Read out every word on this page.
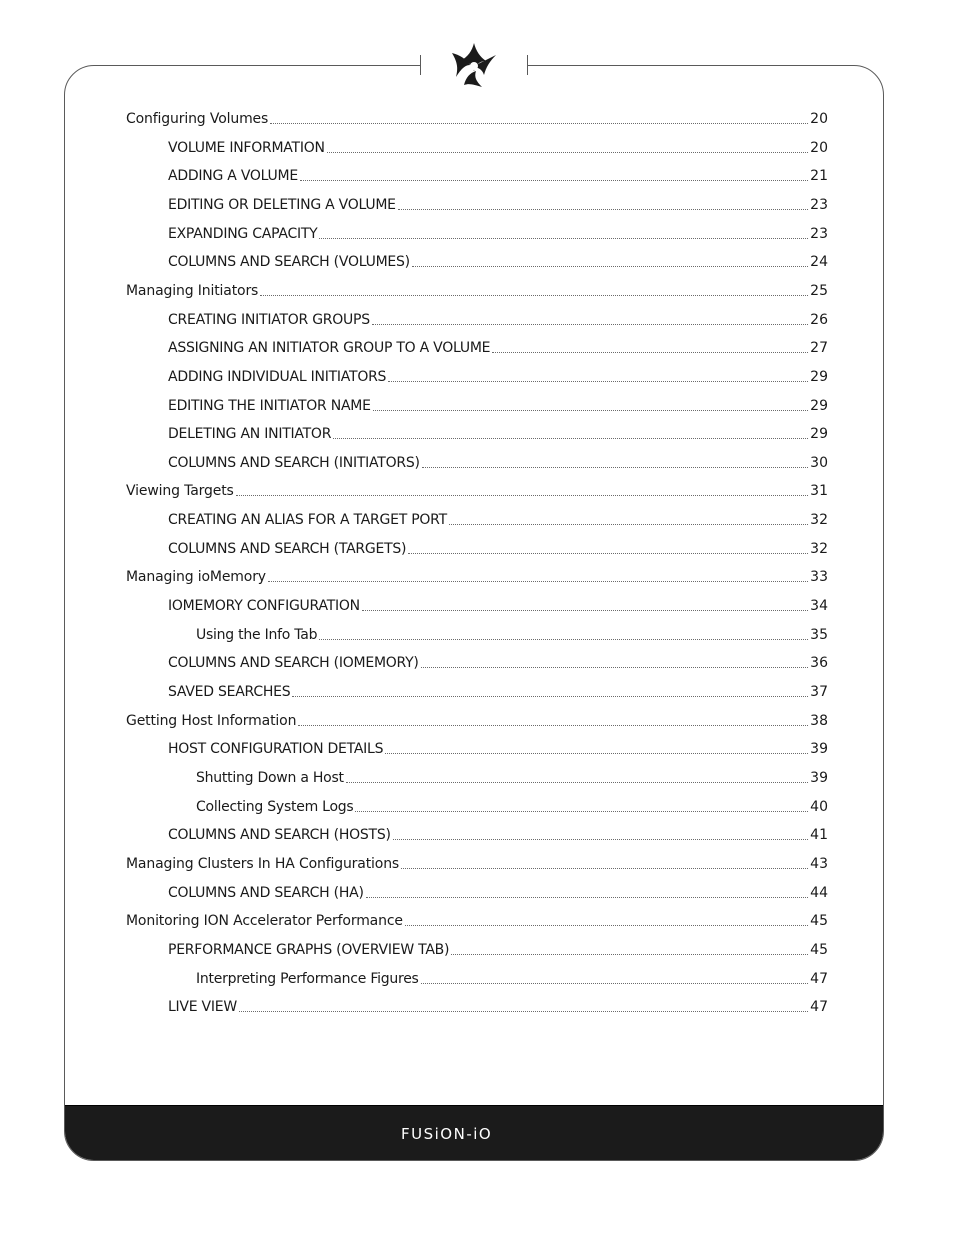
FUSiON-iO
Configuring Volumes	20
VOLUME INFORMATION	20
ADDING A VOLUME	21
EDITING OR DELETING A VOLUME	23
EXPANDING CAPACITY	23
COLUMNS AND SEARCH (VOLUMES)	24
Managing Initiators	25
CREATING INITIATOR GROUPS	26
ASSIGNING AN INITIATOR GROUP TO A VOLUME	27
ADDING INDIVIDUAL INITIATORS	29
EDITING THE INITIATOR NAME	29
DELETING AN INITIATOR	29
COLUMNS AND SEARCH (INITIATORS)	30
Viewing Targets	31
CREATING AN ALIAS FOR A TARGET PORT	32
COLUMNS AND SEARCH (TARGETS)	32
Managing ioMemory	33
IOMEMORY CONFIGURATION	34
Using the Info Tab	35
COLUMNS AND SEARCH (IOMEMORY)	36
SAVED SEARCHES	37
Getting Host Information	38
HOST CONFIGURATION DETAILS	39
Shutting Down a Host	39
Collecting System Logs	40
COLUMNS AND SEARCH (HOSTS)	41
Managing Clusters In HA Configurations	43
COLUMNS AND SEARCH (HA)	44
Monitoring ION Accelerator Performance	45
PERFORMANCE GRAPHS (OVERVIEW TAB)	45
Interpreting Performance Figures	47
LIVE VIEW	47
